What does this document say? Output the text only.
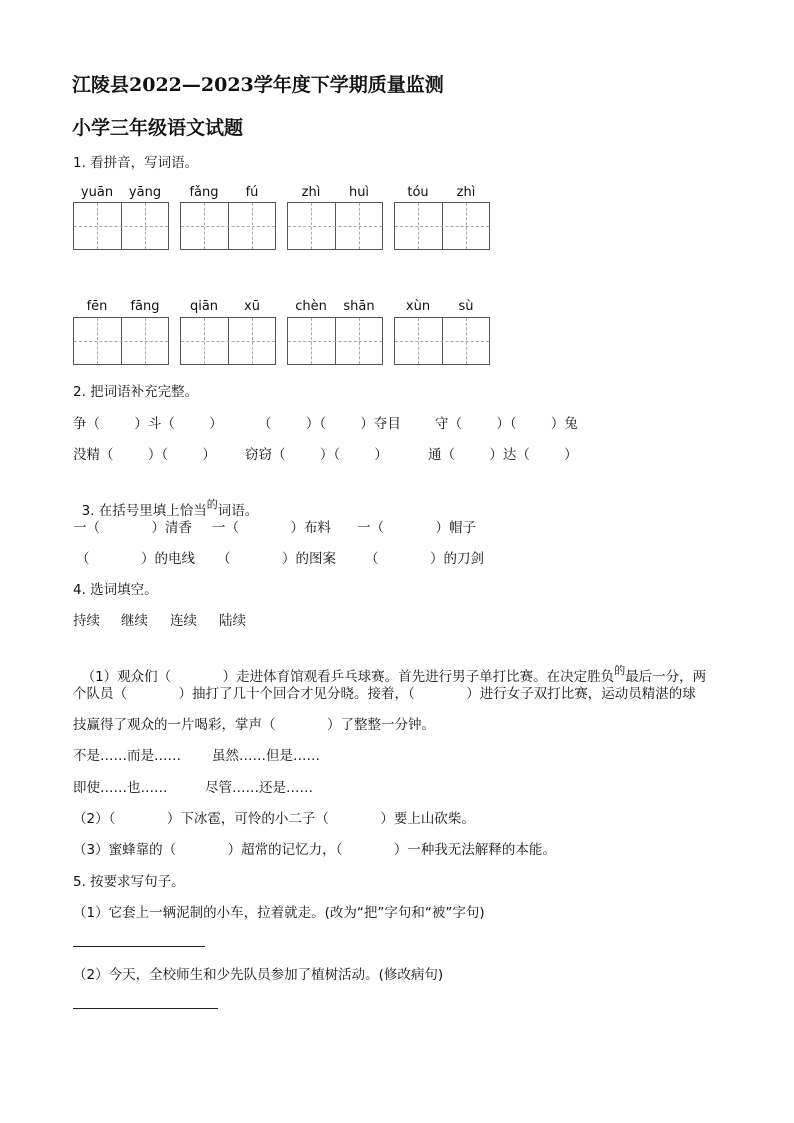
江陵县2022—2023学年度下学期质量监测
小学三年级语文试题
1. 看拼音，写词语。
yuān	yāng	fǎng	fú	zhì	huì	tóu	zhì
fēn	fāng	qiān	xū	chèn	shān	xùn	sù
2. 把词语补充完整。
争（        ）斗（        ）	（        ）（        ）夺目	守（        ）（        ）兔
没精（        ）（        ） 窃窃（        ）（        ）	通（        ）达（        ）

3. 在括号里填上恰当$^的$词语。

一（            ）清香 一（            ）布料 一（            ）帽子
（            ）的电线 （            ）的图案 （            ）的刀剑
4. 选词填空。
持续 继续 连续 陆续

（1）观众们（            ）走进体育馆观看乒乓球赛。首先进行男子单打比赛。在决定胜负$^的$最后一分，两

个队员（            ）抽打了几十个回合才见分晓。接着，（            ）进行女子双打比赛，运动员精湛的球
技赢得了观众的一片喝彩，掌声（            ）了整整一分钟。
不是……而是…… 虽然……但是……
即使……也……	尽管……还是……
（2）（            ）下冰雹，可怜的小二子（            ）要上山砍柴。
（3）蜜蜂靠的（            ）超常的记忆力，（            ）一种我无法解释的本能。
5. 按要求写句子。
（1）它套上一辆泥制的小车，拉着就走。(改为“把”字句和“被”字句)
（2）今天，全校师生和少先队员参加了植树活动。(修改病句)
